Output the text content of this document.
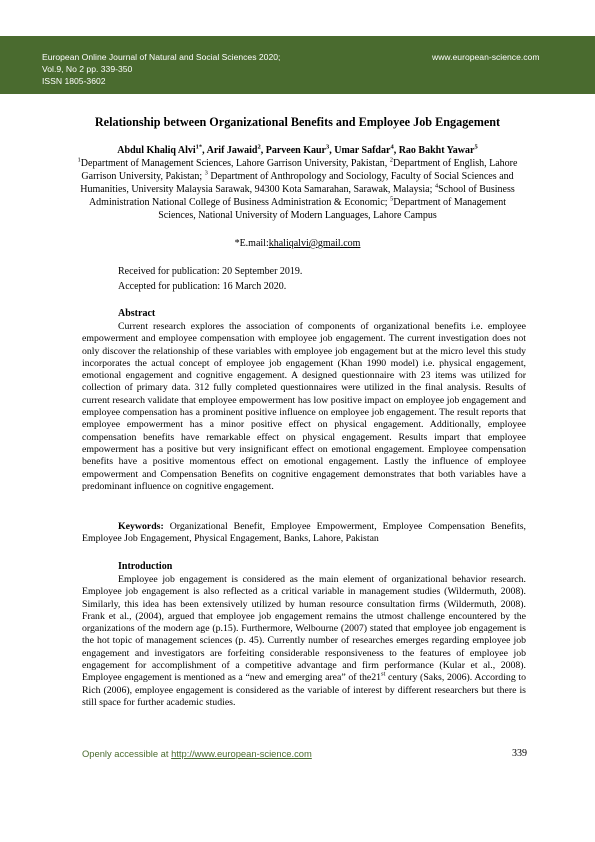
European Online Journal of Natural and Social Sciences 2020;
Vol.9, No 2 pp. 339-350
ISSN 1805-3602
www.european-science.com
Relationship between Organizational Benefits and Employee Job Engagement
Abdul Khaliq Alvi$^{1*}$, Arif Jawaid$^2$, Parveen Kaur$^3$, Umar Safdar$^4$, Rao Bakht Yawar$^5$
$^1$Department of Management Sciences, Lahore Garrison University, Pakistan, $^2$Department of English, Lahore Garrison University, Pakistan; $^3$ Department of Anthropology and Sociology, Faculty of Social Sciences and Humanities, University Malaysia Sarawak, 94300 Kota Samarahan, Sarawak, Malaysia; $^4$School of Business Administration National College of Business Administration & Economic; $^5$Department of Management Sciences, National University of Modern Languages, Lahore Campus
*E.mail:khaliqalvi@gmail.com
Received for publication: 20 September 2019.
Accepted for publication: 16 March 2020.
Abstract
Current research explores the association of components of organizational benefits i.e. employee empowerment and employee compensation with employee job engagement. The current investigation does not only discover the relationship of these variables with employee job engagement but at the micro level this study incorporates the actual concept of employee job engagement (Khan 1990 model) i.e. physical engagement, emotional engagement and cognitive engagement. A designed questionnaire with 23 items was utilized for collection of primary data. 312 fully completed questionnaires were utilized in the final analysis. Results of current research validate that employee empowerment has low positive impact on employee job engagement and employee compensation has a prominent positive influence on employee job engagement. The result reports that employee empowerment has a minor positive effect on physical engagement. Additionally, employee compensation benefits have remarkable effect on physical engagement. Results impart that employee empowerment has a positive but very insignificant effect on emotional engagement. Employee compensation benefits have a positive momentous effect on emotional engagement. Lastly the influence of employee empowerment and Compensation Benefits on cognitive engagement demonstrates that both variables have a predominant influence on cognitive engagement.
Keywords: Organizational Benefit, Employee Empowerment, Employee Compensation Benefits, Employee Job Engagement, Physical Engagement, Banks, Lahore, Pakistan
Introduction
Employee job engagement is considered as the main element of organizational behavior research. Employee job engagement is also reflected as a critical variable in management studies (Wildermuth, 2008). Similarly, this idea has been extensively utilized by human resource consultation firms (Wildermuth, 2008). Frank et al., (2004), argued that employee job engagement remains the utmost challenge encountered by the organizations of the modern age (p.15). Furthermore, Welbourne (2007) stated that employee job engagement is the hot topic of management sciences (p. 45). Currently number of researches emerges regarding employee job engagement and investigators are forfeiting considerable responsiveness to the features of employee job engagement for accomplishment of a competitive advantage and firm performance (Kular et al., 2008). Employee engagement is mentioned as a “new and emerging area” of the21st century (Saks, 2006). According to Rich (2006), employee engagement is considered as the variable of interest by different researchers but there is still space for further academic studies.
Openly accessible at http://www.european-science.com	339
